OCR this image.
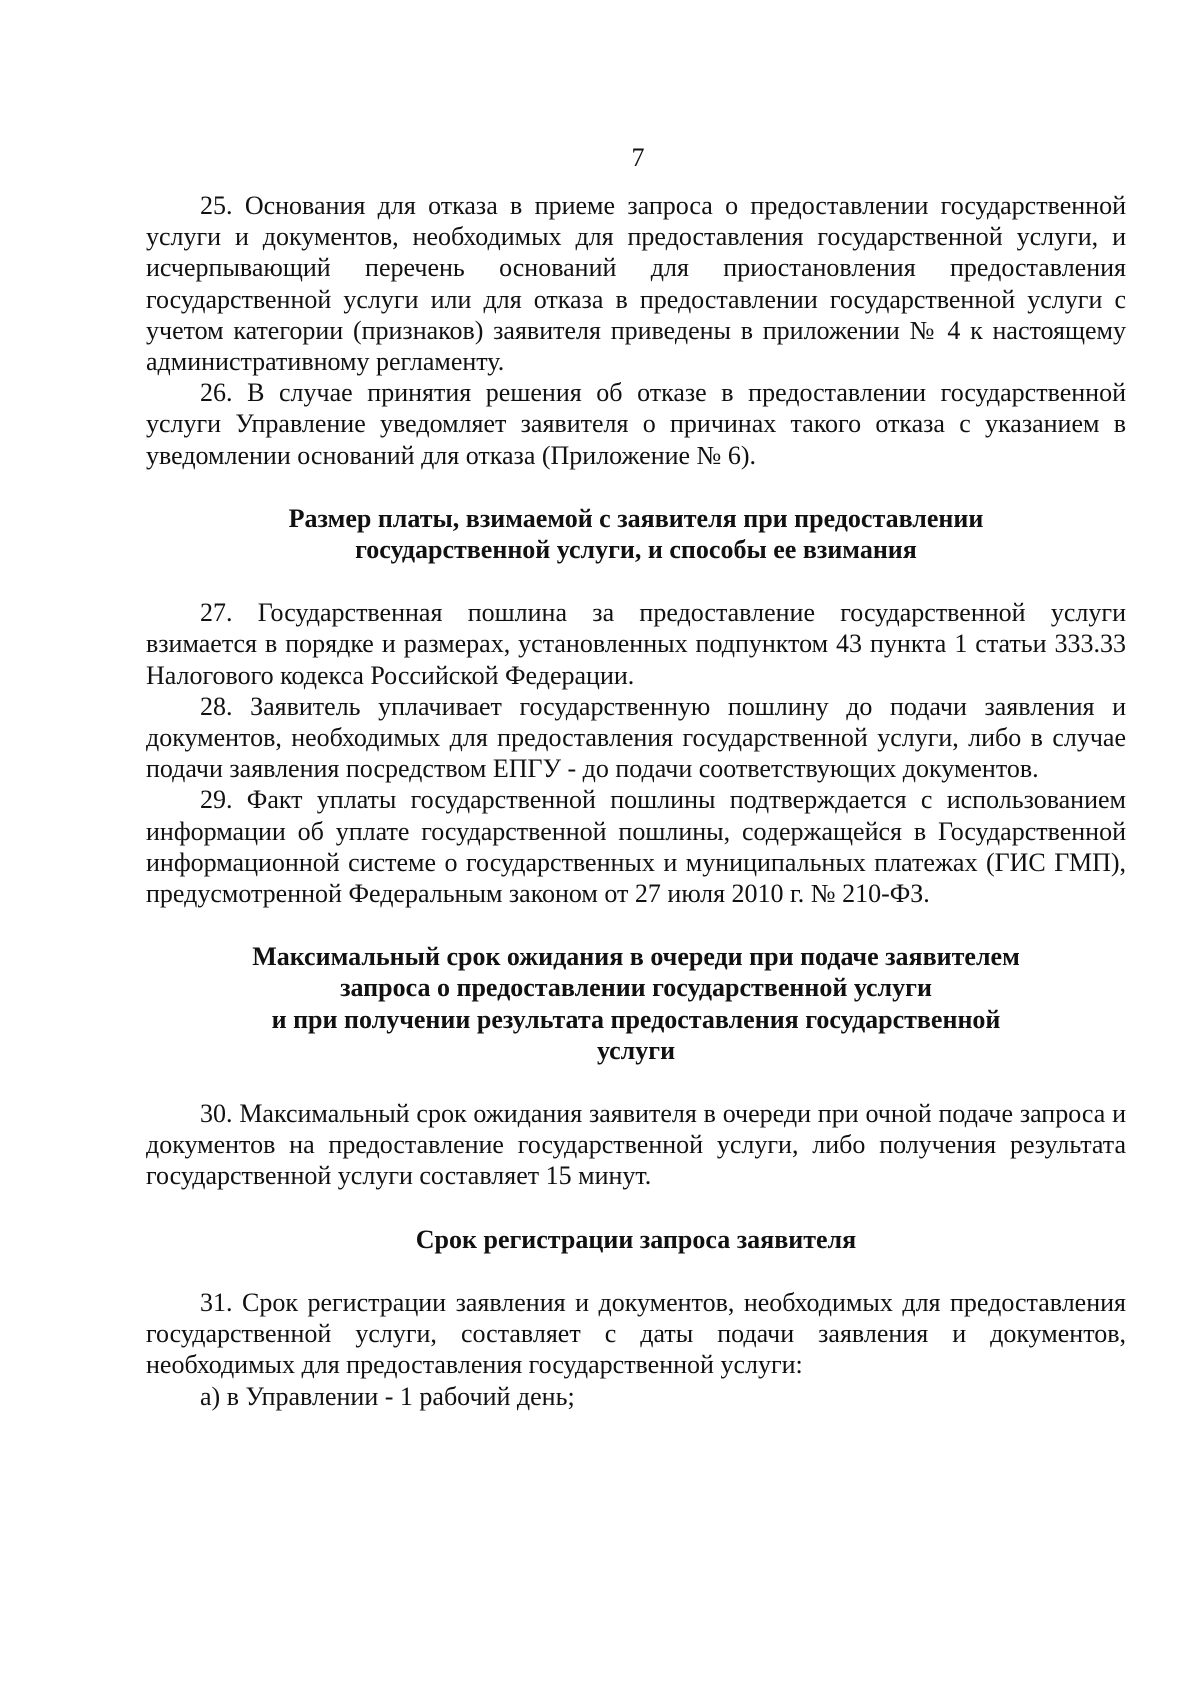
7

25. Основания для отказа в приеме запроса о предоставлении государственной услуги и документов, необходимых для предоставления государственной услуги, и исчерпывающий перечень оснований для приостановления предоставления государственной услуги или для отказа в предоставлении государственной услуги с учетом категории (признаков) заявителя приведены в приложении № 4 к настоящему административному регламенту.

26. В случае принятия решения об отказе в предоставлении государственной услуги Управление уведомляет заявителя о причинах такого отказа с указанием в уведомлении оснований для отказа (Приложение № 6).

Размер платы, взимаемой с заявителя при предоставлении
государственной услуги, и способы ее взимания

27. Государственная пошлина за предоставление государственной услуги взимается в порядке и размерах, установленных подпунктом 43 пункта 1 статьи 333.33 Налогового кодекса Российской Федерации.

28. Заявитель уплачивает государственную пошлину до подачи заявления и документов, необходимых для предоставления государственной услуги, либо в случае подачи заявления посредством ЕПГУ - до подачи соответствующих документов.

29. Факт уплаты государственной пошлины подтверждается с использованием информации об уплате государственной пошлины, содержащейся в Государственной информационной системе о государственных и муниципальных платежах (ГИС ГМП), предусмотренной Федеральным законом от 27 июля 2010 г. № 210-ФЗ.

Максимальный срок ожидания в очереди при подаче заявителем
запроса о предоставлении государственной услуги
и при получении результата предоставления государственной
услуги

30. Максимальный срок ожидания заявителя в очереди при очной подаче запроса и документов на предоставление государственной услуги, либо получения результата государственной услуги составляет 15 минут.

Срок регистрации запроса заявителя

31. Срок регистрации заявления и документов, необходимых для предоставления государственной услуги, составляет с даты подачи заявления и документов, необходимых для предоставления государственной услуги:

а) в Управлении - 1 рабочий день;
